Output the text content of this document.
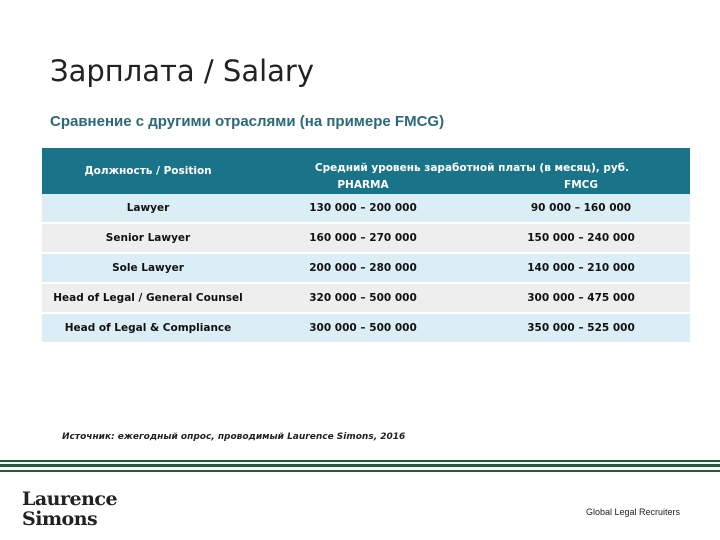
Зарплата / Salary
Сравнение с другими отраслями (на примере FMCG)
Должность / Position	Средний уровень заработной платы (в месяц), руб.	
	PHARMA	FMCG
Lawyer	130 000 – 200 000	90 000 – 160 000
Senior Lawyer	160 000 – 270 000	150 000 – 240 000
Sole Lawyer	200 000 – 280 000	140 000 – 210 000
Head of Legal / General Counsel	320 000 – 500 000	300 000 – 475 000
Head of Legal & Compliance	300 000 – 500 000	350 000 – 525 000
Источник: ежегодный опрос, проводимый Laurence Simons, 2016
Laurence
Simons	Global Legal Recruiters
